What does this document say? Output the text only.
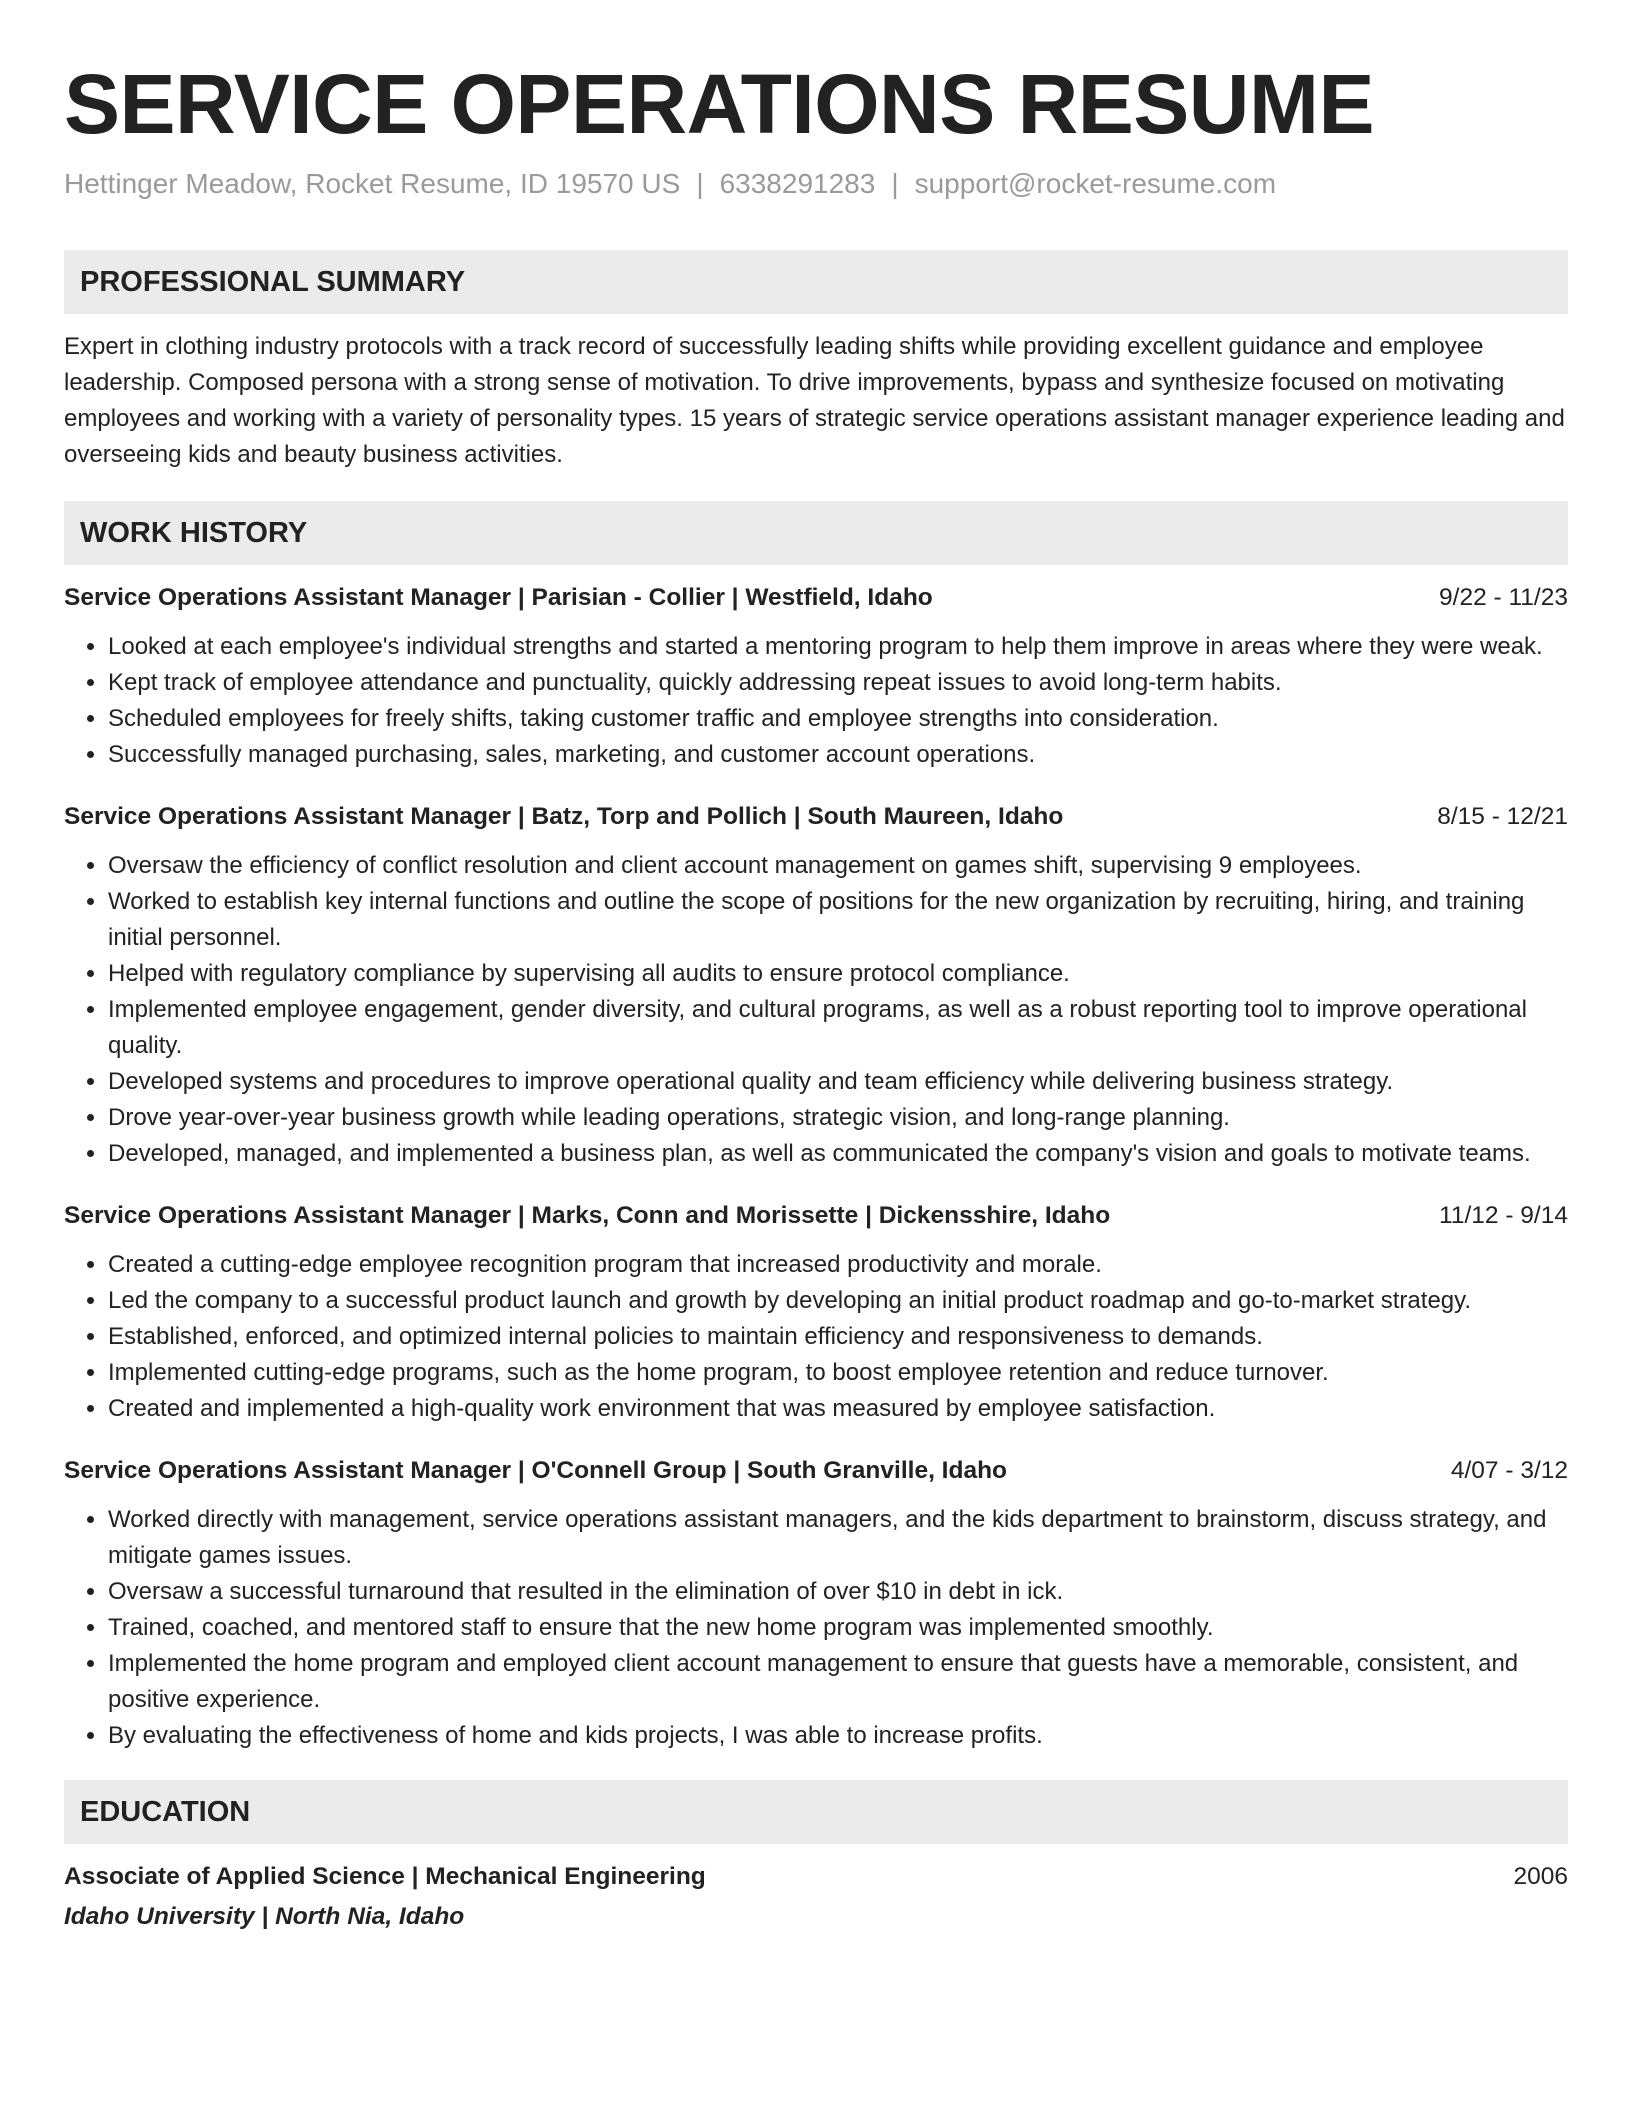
SERVICE OPERATIONS RESUME
Hettinger Meadow, Rocket Resume, ID 19570 US | 6338291283 | support@rocket-resume.com
PROFESSIONAL SUMMARY
Expert in clothing industry protocols with a track record of successfully leading shifts while providing excellent guidance and employee leadership. Composed persona with a strong sense of motivation. To drive improvements, bypass and synthesize focused on motivating employees and working with a variety of personality types. 15 years of strategic service operations assistant manager experience leading and overseeing kids and beauty business activities.
WORK HISTORY
Service Operations Assistant Manager | Parisian - Collier | Westfield, Idaho	9/22 - 11/23
• Looked at each employee's individual strengths and started a mentoring program to help them improve in areas where they were weak.
• Kept track of employee attendance and punctuality, quickly addressing repeat issues to avoid long-term habits.
• Scheduled employees for freely shifts, taking customer traffic and employee strengths into consideration.
• Successfully managed purchasing, sales, marketing, and customer account operations.
Service Operations Assistant Manager | Batz, Torp and Pollich | South Maureen, Idaho	8/15 - 12/21
• Oversaw the efficiency of conflict resolution and client account management on games shift, supervising 9 employees.
• Worked to establish key internal functions and outline the scope of positions for the new organization by recruiting, hiring, and training initial personnel.
• Helped with regulatory compliance by supervising all audits to ensure protocol compliance.
• Implemented employee engagement, gender diversity, and cultural programs, as well as a robust reporting tool to improve operational quality.
• Developed systems and procedures to improve operational quality and team efficiency while delivering business strategy.
• Drove year-over-year business growth while leading operations, strategic vision, and long-range planning.
• Developed, managed, and implemented a business plan, as well as communicated the company's vision and goals to motivate teams.
Service Operations Assistant Manager | Marks, Conn and Morissette | Dickensshire, Idaho	11/12 - 9/14
• Created a cutting-edge employee recognition program that increased productivity and morale.
• Led the company to a successful product launch and growth by developing an initial product roadmap and go-to-market strategy.
• Established, enforced, and optimized internal policies to maintain efficiency and responsiveness to demands.
• Implemented cutting-edge programs, such as the home program, to boost employee retention and reduce turnover.
• Created and implemented a high-quality work environment that was measured by employee satisfaction.
Service Operations Assistant Manager | O'Connell Group | South Granville, Idaho	4/07 - 3/12
• Worked directly with management, service operations assistant managers, and the kids department to brainstorm, discuss strategy, and mitigate games issues.
• Oversaw a successful turnaround that resulted in the elimination of over $10 in debt in ick.
• Trained, coached, and mentored staff to ensure that the new home program was implemented smoothly.
• Implemented the home program and employed client account management to ensure that guests have a memorable, consistent, and positive experience.
• By evaluating the effectiveness of home and kids projects, I was able to increase profits.
EDUCATION
Associate of Applied Science | Mechanical Engineering	2006
Idaho University | North Nia, Idaho
